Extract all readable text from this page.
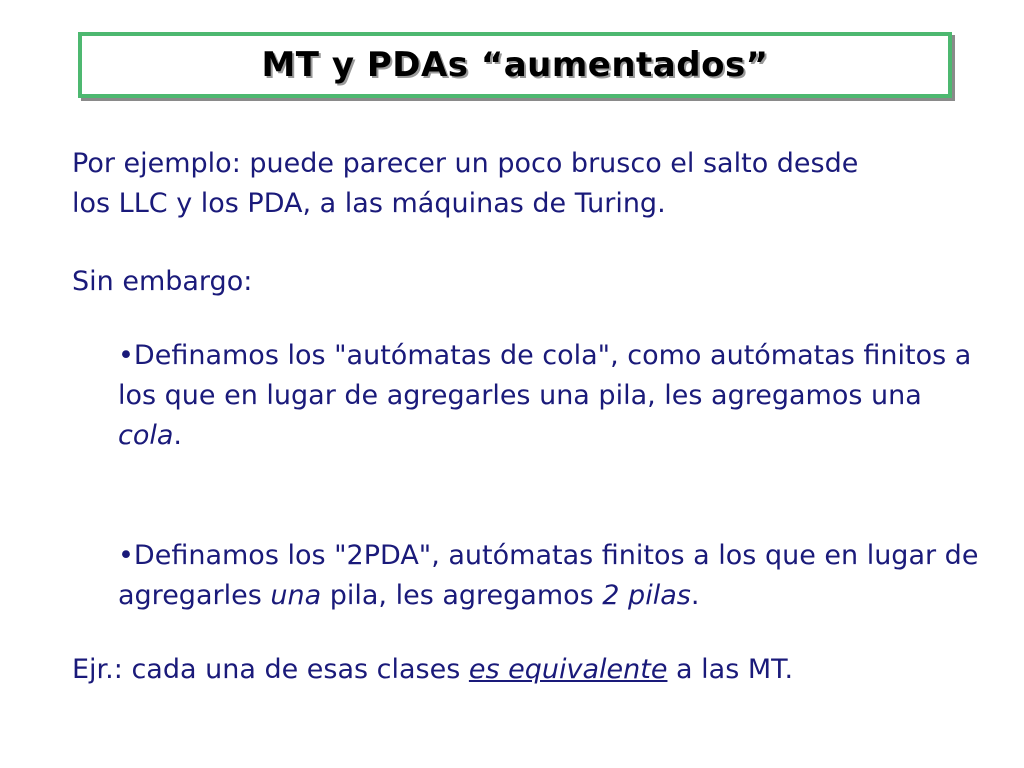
MT y PDAs “aumentados”
Por ejemplo: puede parecer un poco brusco el salto desde
los LLC y los PDA, a las máquinas de Turing.
Sin embargo:
•Definamos los "autómatas de cola", como autómatas finitos a los que en lugar de agregarles una pila, les agregamos una cola.
•Definamos los "2PDA", autómatas finitos a los que en lugar de agregarles una pila, les agregamos 2 pilas.
Ejr.: cada una de esas clases es equivalente a las MT.
